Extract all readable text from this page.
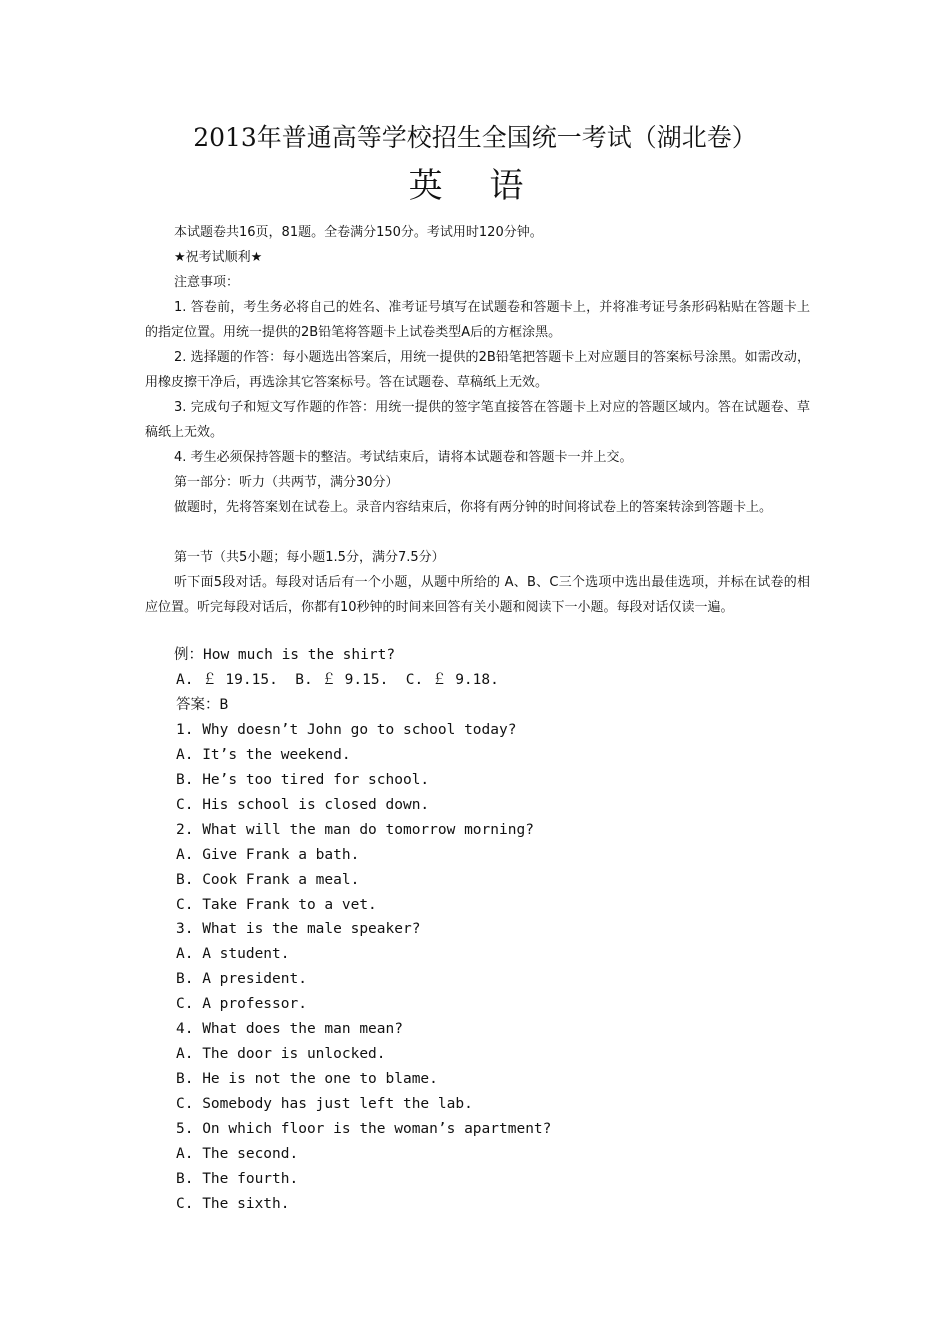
2013年普通高等学校招生全国统一考试（湖北卷）
英 语
本试题卷共16页，81题。全卷满分150分。考试用时120分钟。
★祝考试顺利★
注意事项：
1. 答卷前，考生务必将自己的姓名、准考证号填写在试题卷和答题卡上，并将准考证号条形码粘贴在答题卡上的指定位置。用统一提供的2B铅笔将答题卡上试卷类型A后的方框涂黑。
2. 选择题的作答：每小题选出答案后，用统一提供的2B铅笔把答题卡上对应题目的答案标号涂黑。如需改动，用橡皮擦干净后，再选涂其它答案标号。答在试题卷、草稿纸上无效。
3. 完成句子和短文写作题的作答：用统一提供的签字笔直接答在答题卡上对应的答题区域内。答在试题卷、草稿纸上无效。
4. 考生必须保持答题卡的整洁。考试结束后，请将本试题卷和答题卡一并上交。
第一部分：听力（共两节，满分30分）
做题时，先将答案划在试卷上。录音内容结束后，你将有两分钟的时间将试卷上的答案转涂到答题卡上。
第一节（共5小题；每小题1.5分，满分7.5分）
听下面5段对话。每段对话后有一个小题，从题中所给的 A、B、C三个选项中选出最佳选项，并标在试卷的相应位置。听完每段对话后，你都有10秒钟的时间来回答有关小题和阅读下一小题。每段对话仅读一遍。
例：How much is the shirt?
A. ￡ 19.15.  B. ￡ 9.15.  C. ￡ 9.18.
答案：B
1. Why doesn’t John go to school today?
A. It’s the weekend.
B. He’s too tired for school.
C. His school is closed down.
2. What will the man do tomorrow morning?
A. Give Frank a bath.
B. Cook Frank a meal.
C. Take Frank to a vet.
3. What is the male speaker?
A. A student.
B. A president.
C. A professor.
4. What does the man mean?
A. The door is unlocked.
B. He is not the one to blame.
C. Somebody has just left the lab.
5. On which floor is the woman’s apartment?
A. The second.
B. The fourth.
C. The sixth.
